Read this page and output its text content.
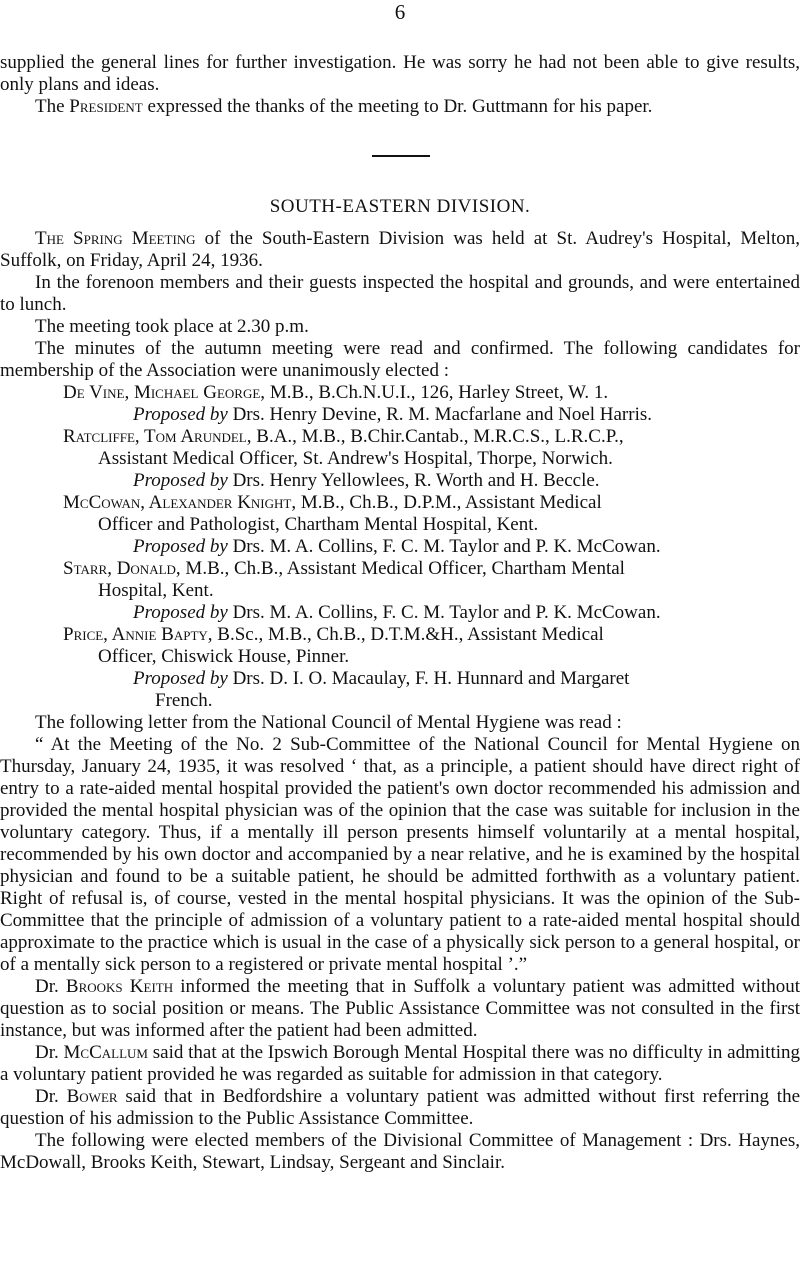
6

supplied the general lines for further investigation. He was sorry he had not been able to give results, only plans and ideas.

The President expressed the thanks of the meeting to Dr. Guttmann for his paper.

SOUTH-EASTERN DIVISION.

The Spring Meeting of the South-Eastern Division was held at St. Audrey's Hospital, Melton, Suffolk, on Friday, April 24, 1936.

In the forenoon members and their guests inspected the hospital and grounds, and were entertained to lunch.

The meeting took place at 2.30 p.m.

The minutes of the autumn meeting were read and confirmed. The following candidates for membership of the Association were unanimously elected :

De Vine, Michael George, M.B., B.Ch.N.U.I., 126, Harley Street, W. 1.

Proposed by Drs. Henry Devine, R. M. Macfarlane and Noel Harris.

Ratcliffe, Tom Arundel, B.A., M.B., B.Chir.Cantab., M.R.C.S., L.R.C.P.,
Assistant Medical Officer, St. Andrew's Hospital, Thorpe, Norwich.

Proposed by Drs. Henry Yellowlees, R. Worth and H. Beccle.

McCowan, Alexander Knight, M.B., Ch.B., D.P.M., Assistant Medical
Officer and Pathologist, Chartham Mental Hospital, Kent.

Proposed by Drs. M. A. Collins, F. C. M. Taylor and P. K. McCowan.

Starr, Donald, M.B., Ch.B., Assistant Medical Officer, Chartham Mental
Hospital, Kent.

Proposed by Drs. M. A. Collins, F. C. M. Taylor and P. K. McCowan.

Price, Annie Bapty, B.Sc., M.B., Ch.B., D.T.M.&H., Assistant Medical
Officer, Chiswick House, Pinner.

Proposed by Drs. D. I. O. Macaulay, F. H. Hunnard and Margaret
French.

The following letter from the National Council of Mental Hygiene was read :

“ At the Meeting of the No. 2 Sub-Committee of the National Council for Mental Hygiene on Thursday, January 24, 1935, it was resolved ‘ that, as a principle, a patient should have direct right of entry to a rate-aided mental hospital provided the patient's own doctor recommended his admission and provided the mental hospital physician was of the opinion that the case was suitable for inclusion in the voluntary category. Thus, if a mentally ill person presents himself voluntarily at a mental hospital, recommended by his own doctor and accompanied by a near relative, and he is examined by the hospital physician and found to be a suitable patient, he should be admitted forthwith as a voluntary patient. Right of refusal is, of course, vested in the mental hospital physicians. It was the opinion of the Sub-Committee that the principle of admission of a voluntary patient to a rate-aided mental hospital should approximate to the practice which is usual in the case of a physically sick person to a general hospital, or of a mentally sick person to a registered or private mental hospital ’.”

Dr. Brooks Keith informed the meeting that in Suffolk a voluntary patient was admitted without question as to social position or means. The Public Assistance Committee was not consulted in the first instance, but was informed after the patient had been admitted.

Dr. McCallum said that at the Ipswich Borough Mental Hospital there was no difficulty in admitting a voluntary patient provided he was regarded as suitable for admission in that category.

Dr. Bower said that in Bedfordshire a voluntary patient was admitted without first referring the question of his admission to the Public Assistance Committee.

The following were elected members of the Divisional Committee of Management : Drs. Haynes, McDowall, Brooks Keith, Stewart, Lindsay, Sergeant and Sinclair.
